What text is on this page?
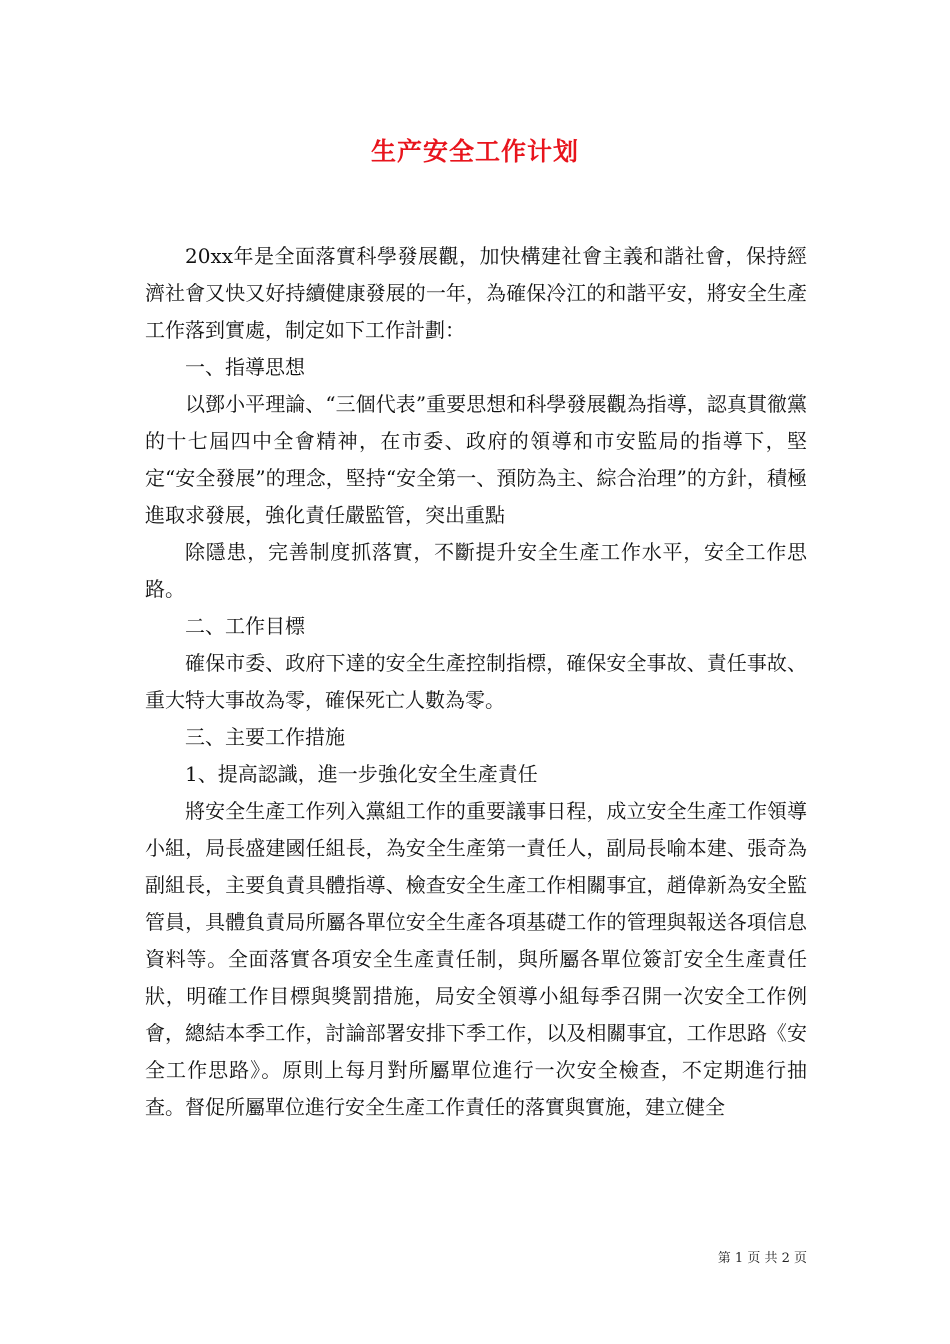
生产安全工作计划

20xx年是全面落實科學發展觀，加快構建社會主義和諧社會，保持經濟社會又快又好持續健康發展的一年，為確保冷江的和諧平安，將安全生產工作落到實處，制定如下工作計劃：

一、指導思想

以鄧小平理論、“三個代表”重要思想和科學發展觀為指導，認真貫徹黨的十七屆四中全會精神，在市委、政府的領導和市安監局的指導下，堅定“安全發展”的理念，堅持“安全第一、預防為主、綜合治理”的方針，積極進取求發展，強化責任嚴監管，突出重點

除隱患，完善制度抓落實，不斷提升安全生產工作水平，安全工作思路。

二、工作目標

確保市委、政府下達的安全生產控制指標，確保安全事故、責任事故、重大特大事故為零，確保死亡人數為零。

三、主要工作措施

1、提高認識，進一步強化安全生產責任

將安全生產工作列入黨組工作的重要議事日程，成立安全生產工作領導小組，局長盛建國任組長，為安全生產第一責任人，副局長喻本建、張奇為副組長，主要負責具體指導、檢查安全生產工作相關事宜，趙偉新為安全監管員，具體負責局所屬各單位安全生產各項基礎工作的管理與報送各項信息資料等。全面落實各項安全生產責任制，與所屬各單位簽訂安全生產責任狀，明確工作目標與獎罰措施，局安全領導小組每季召開一次安全工作例會，總結本季工作，討論部署安排下季工作，以及相關事宜，工作思路《安全工作思路》。原則上每月對所屬單位進行一次安全檢查，不定期進行抽查。督促所屬單位進行安全生產工作責任的落實與實施，建立健全

第 1 页 共 2 页
